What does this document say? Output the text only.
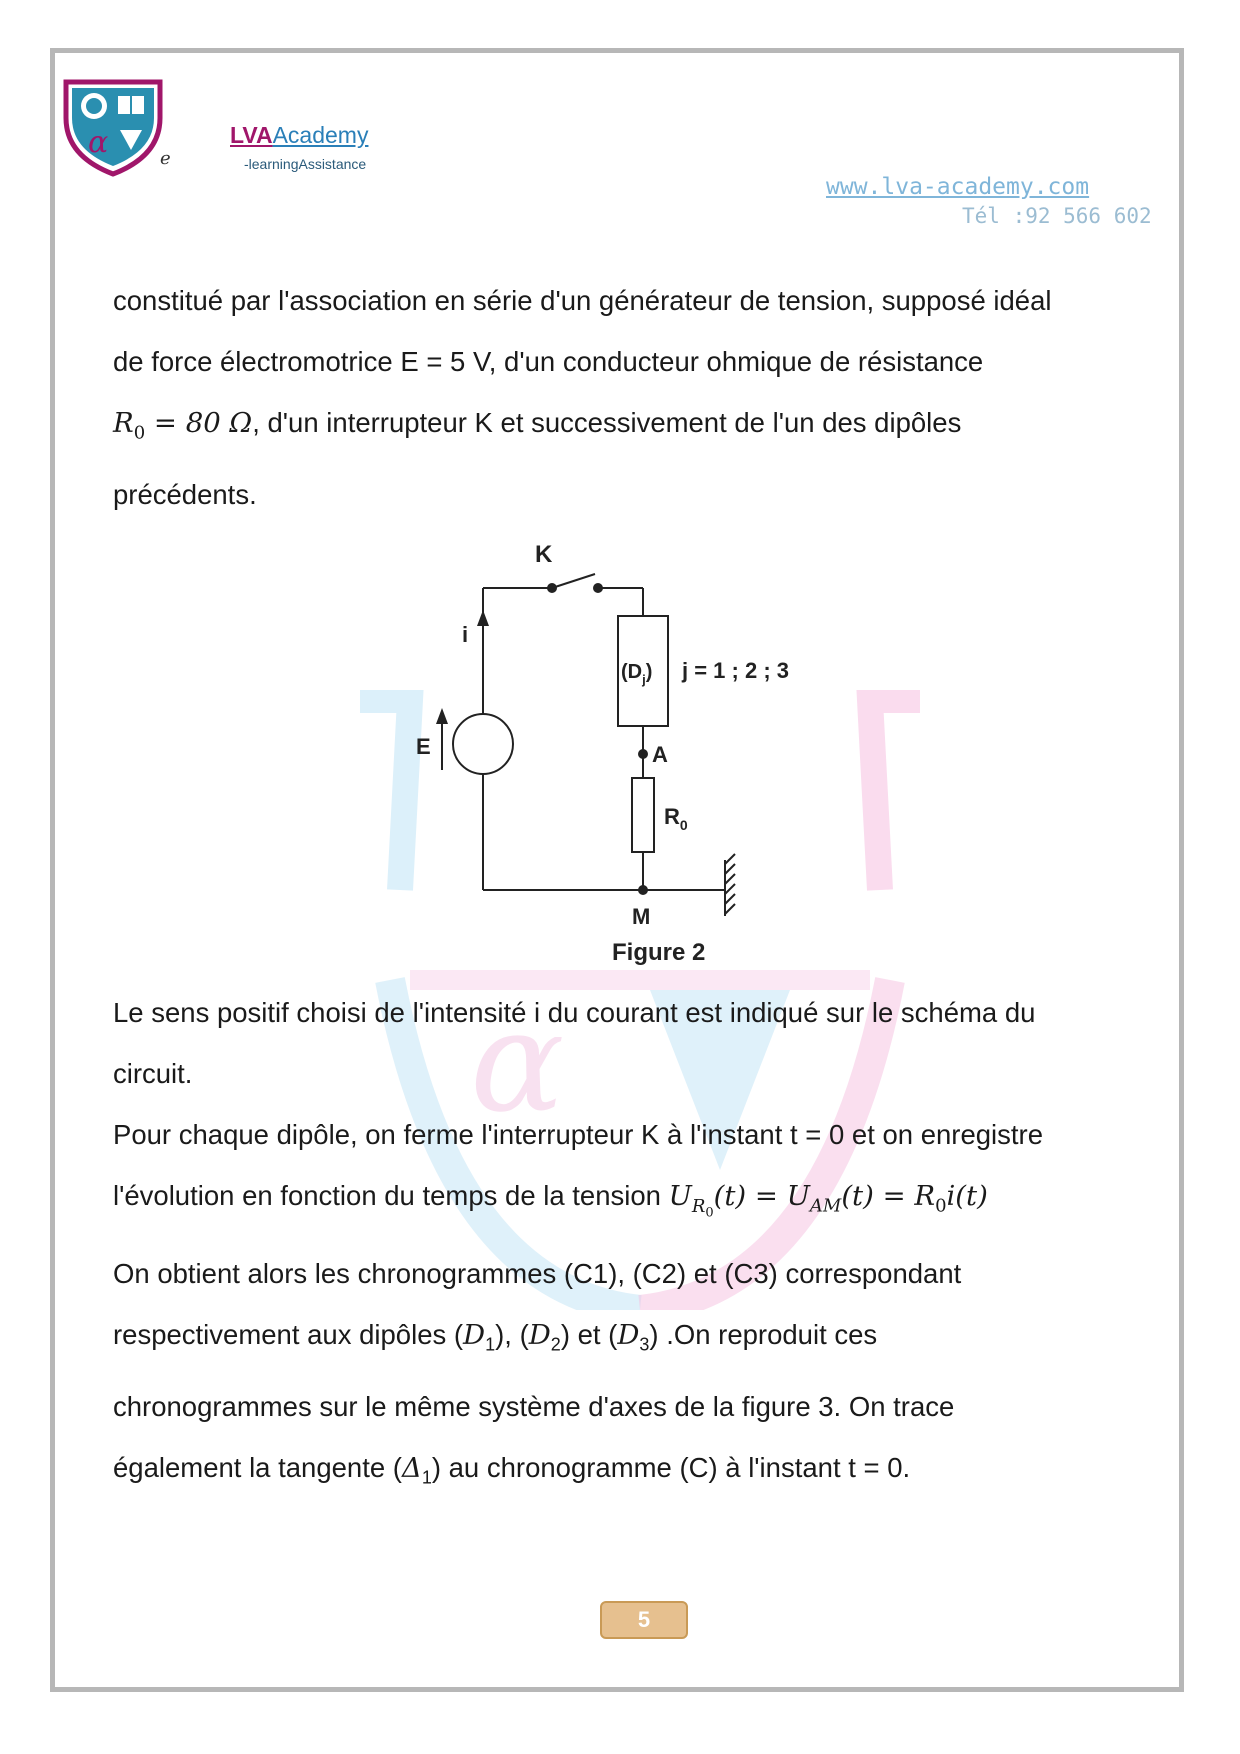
α	e
LVAAcademy
-learningAssistance
www.lva-academy.com
Tél :92 566 602
α
constitué par l'association en série d'un générateur de tension, supposé idéal
de force électromotrice E = 5 V, d'un conducteur ohmique de résistance
$R_0 = 80$ Ω, d'un interrupteur K et successivement de l'un des dipôles
précédents.
K
i
E
$(D_j) j = 1$ ; 2 ; 3
A
$R_0$
M
Figure 2
Le sens positif choisi de l'intensité i du courant est indiqué sur le schéma du
circuit.
Pour chaque dipôle, on ferme l'interrupteur K à l'instant t = 0 et on enregistre
l'évolution en fonction du temps de la tension $U_{R_0}(t) = U_{AM}(t) = R_0i(t)$
On obtient alors les chronogrammes (C1), (C2) et (C3) correspondant
respectivement aux dipôles $(D_1)$, $(D_2)$ et $(D_3)$ .On reproduit ces
chronogrammes sur le même système d'axes de la figure 3. On trace
également la tangente $(\Delta_1)$ au chronogramme (C) à l'instant t = 0.
5
